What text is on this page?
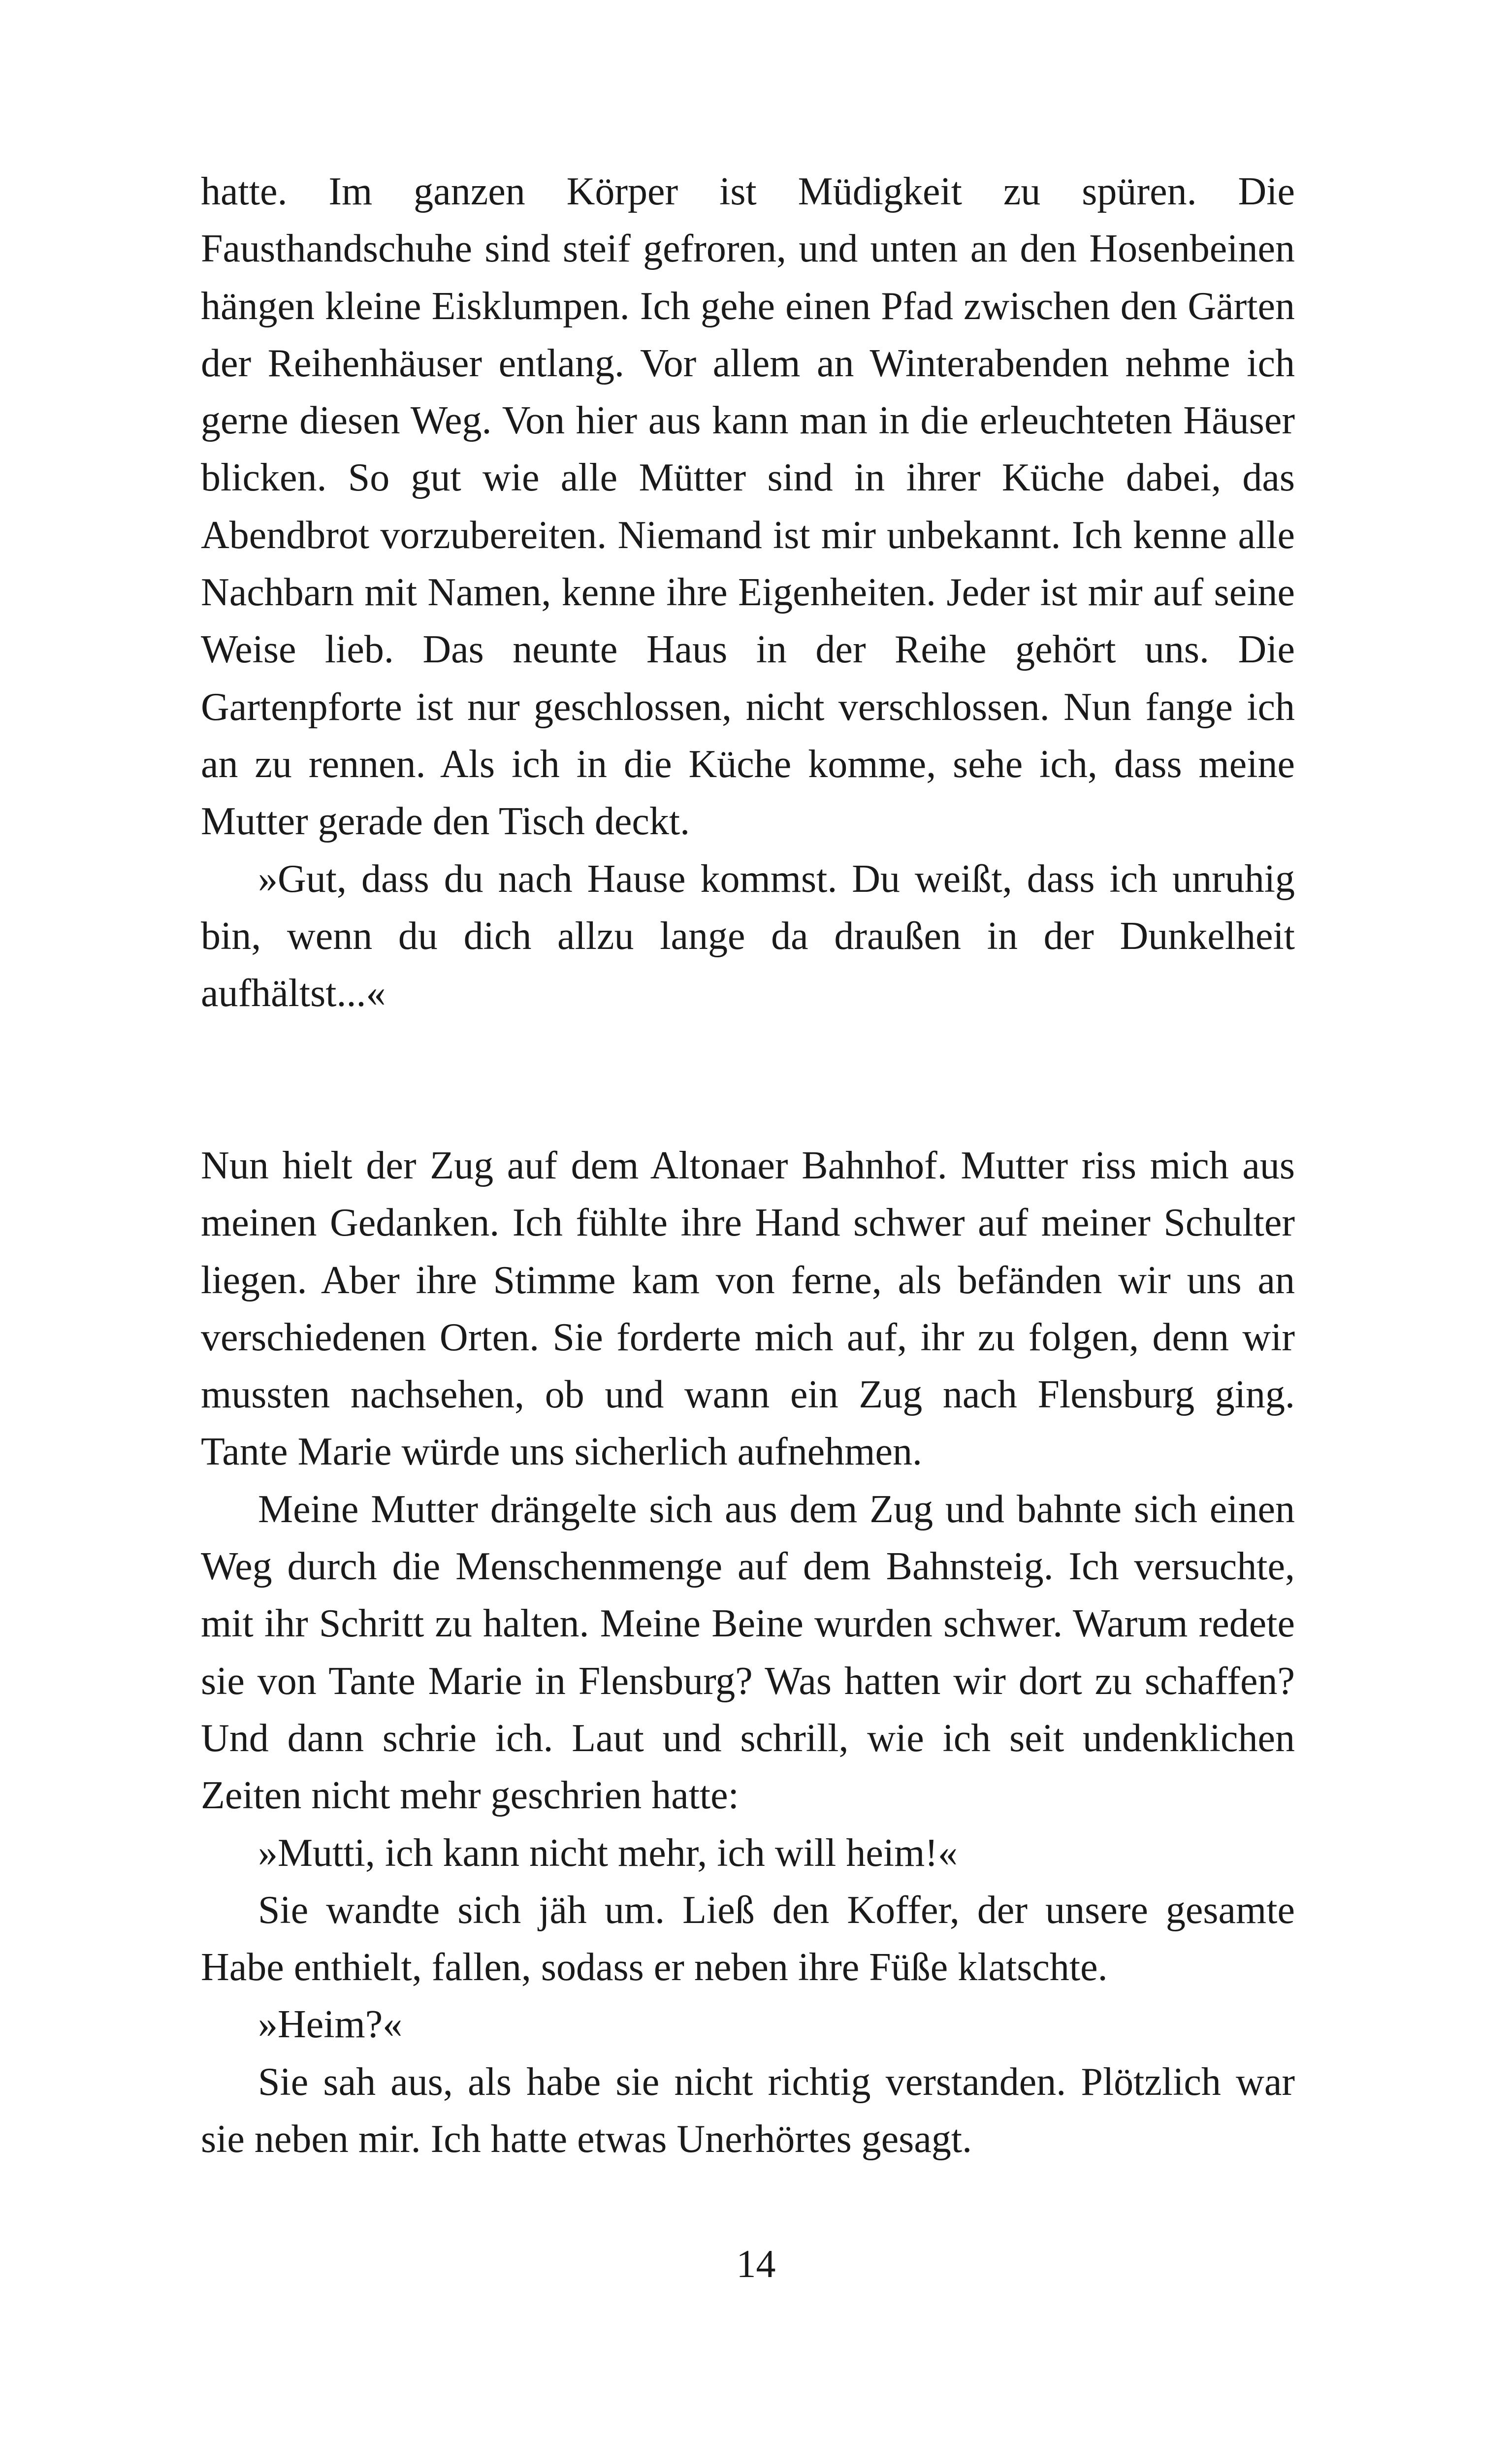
hatte. Im ganzen Körper ist Müdigkeit zu spüren. Die Fausthandschuhe sind steif gefroren, und unten an den Hosenbeinen hängen kleine Eisklumpen. Ich gehe einen Pfad zwischen den Gärten der Reihenhäuser entlang. Vor allem an Winterabenden nehme ich gerne diesen Weg. Von hier aus kann man in die erleuchteten Häuser blicken. So gut wie alle Mütter sind in ihrer Küche dabei, das Abendbrot vorzubereiten. Niemand ist mir unbekannt. Ich kenne alle Nachbarn mit Namen, kenne ihre Eigenheiten. Jeder ist mir auf seine Weise lieb. Das neunte Haus in der Reihe gehört uns. Die Gartenpforte ist nur geschlossen, nicht verschlossen. Nun fange ich an zu rennen. Als ich in die Küche komme, sehe ich, dass meine Mutter gerade den Tisch deckt.

»Gut, dass du nach Hause kommst. Du weißt, dass ich unruhig bin, wenn du dich allzu lange da draußen in der Dunkelheit aufhältst...«

Nun hielt der Zug auf dem Altonaer Bahnhof. Mutter riss mich aus meinen Gedanken. Ich fühlte ihre Hand schwer auf meiner Schulter liegen. Aber ihre Stimme kam von ferne, als befänden wir uns an verschiedenen Orten. Sie forderte mich auf, ihr zu folgen, denn wir mussten nachsehen, ob und wann ein Zug nach Flensburg ging. Tante Marie würde uns sicherlich aufnehmen.

Meine Mutter drängelte sich aus dem Zug und bahnte sich einen Weg durch die Menschenmenge auf dem Bahnsteig. Ich versuchte, mit ihr Schritt zu halten. Meine Beine wurden schwer. Warum redete sie von Tante Marie in Flensburg? Was hatten wir dort zu schaffen? Und dann schrie ich. Laut und schrill, wie ich seit undenklichen Zeiten nicht mehr geschrien hatte:

»Mutti, ich kann nicht mehr, ich will heim!«

Sie wandte sich jäh um. Ließ den Koffer, der unsere gesamte Habe enthielt, fallen, sodass er neben ihre Füße klatschte.

»Heim?«

Sie sah aus, als habe sie nicht richtig verstanden. Plötzlich war sie neben mir. Ich hatte etwas Unerhörtes gesagt.

14
